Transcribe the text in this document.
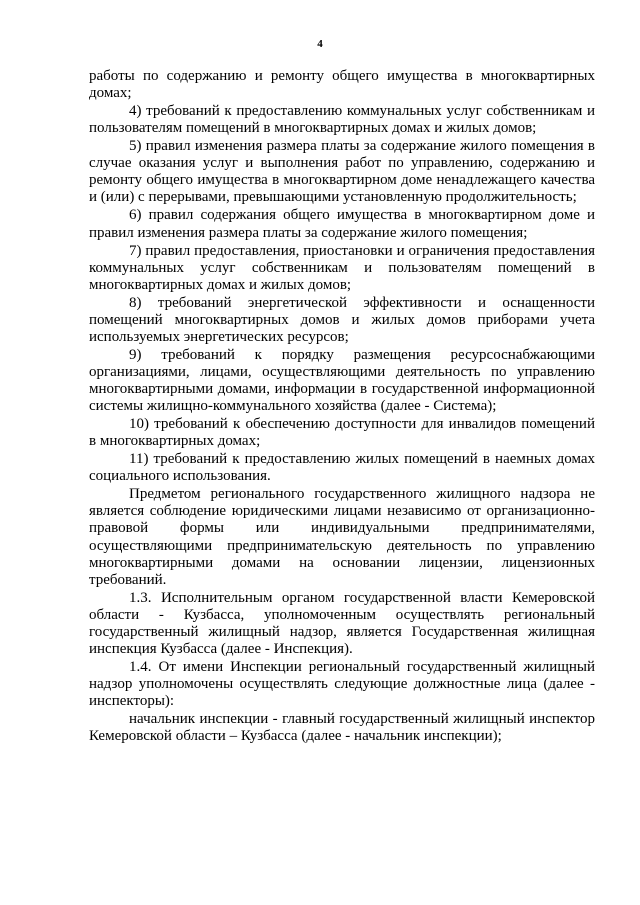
4

работы по содержанию и ремонту общего имущества в многоквартирных домах;

4) требований к предоставлению коммунальных услуг собственникам и пользователям помещений в многоквартирных домах и жилых домов;

5) правил изменения размера платы за содержание жилого помещения в случае оказания услуг и выполнения работ по управлению, содержанию и ремонту общего имущества в многоквартирном доме ненадлежащего качества и (или) с перерывами, превышающими установленную продолжительность;

6) правил содержания общего имущества в многоквартирном доме и правил изменения размера платы за содержание жилого помещения;

7) правил предоставления, приостановки и ограничения предоставления коммунальных услуг собственникам и пользователям помещений в многоквартирных домах и жилых домов;

8) требований энергетической эффективности и оснащенности помещений многоквартирных домов и жилых домов приборами учета используемых энергетических ресурсов;

9) требований к порядку размещения ресурсоснабжающими организациями, лицами, осуществляющими деятельность по управлению многоквартирными домами, информации в государственной информационной системы жилищно-коммунального хозяйства (далее - Система);

10) требований к обеспечению доступности для инвалидов помещений в многоквартирных домах;

11) требований к предоставлению жилых помещений в наемных домах социального использования.

Предметом регионального государственного жилищного надзора не является соблюдение юридическими лицами независимо от организационно-правовой формы или индивидуальными предпринимателями, осуществляющими предпринимательскую деятельность по управлению многоквартирными домами на основании лицензии, лицензионных требований.

1.3. Исполнительным органом государственной власти Кемеровской области - Кузбасса, уполномоченным осуществлять региональный государственный жилищный надзор, является Государственная жилищная инспекция Кузбасса (далее - Инспекция).

1.4. От имени Инспекции региональный государственный жилищный надзор уполномочены осуществлять следующие должностные лица (далее - инспекторы):

начальник инспекции - главный государственный жилищный инспектор Кемеровской области – Кузбасса (далее - начальник инспекции);
